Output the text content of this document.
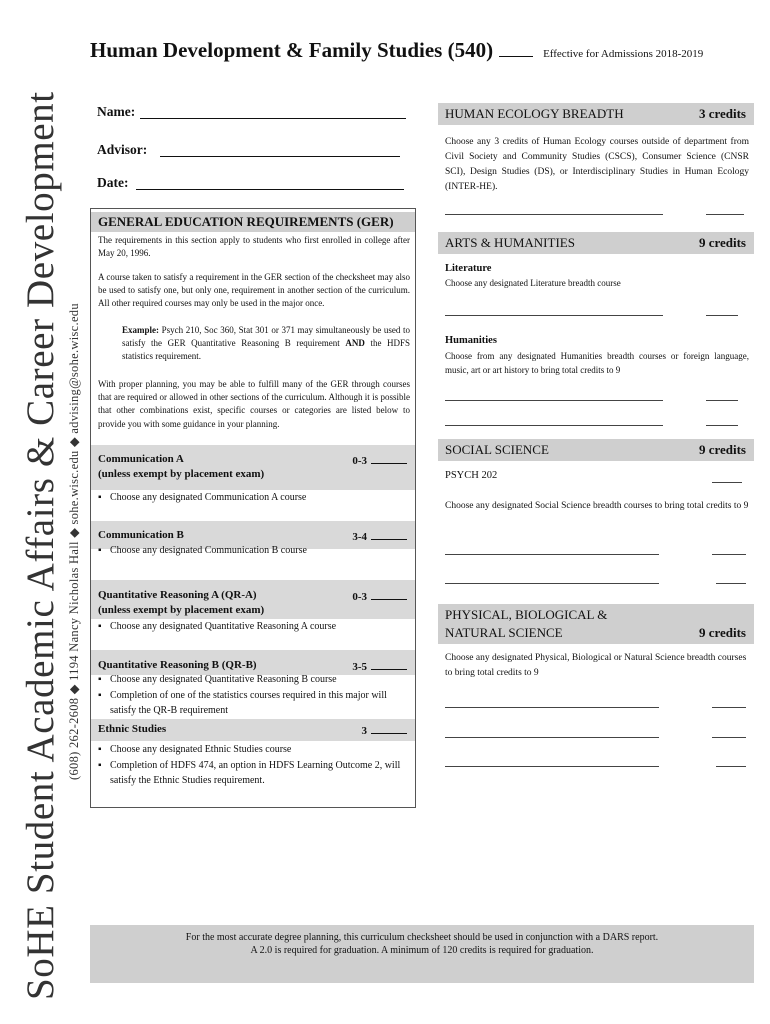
SoHE Student Academic Affairs & Career Development (608) 262-2608 ◆ 1194 Nancy Nicholas Hall ◆ sohe.wisc.edu ◆ advising@sohe.wisc.edu
Human Development & Family Studies (540)	Effective for Admissions 2018-2019
Name:
Advisor:
Date:
GENERAL EDUCATION REQUIREMENTS (GER)
The requirements in this section apply to students who first enrolled in college after May 20, 1996.
A course taken to satisfy a requirement in the GER section of the checksheet may also be used to satisfy one, but only one, requirement in another section of the curriculum. All other required courses may only be used in the major once.
Example: Psych 210, Soc 360, Stat 301 or 371 may simultaneously be used to satisfy the GER Quantitative Reasoning B requirement AND the HDFS statistics requirement.
With proper planning, you may be able to fulfill many of the GER through courses that are required or allowed in other sections of the curriculum. Although it is possible that other combinations exist, specific courses or categories are listed below to provide you with some guidance in your planning.
Communication A
(unless exempt by placement exam)
0-3
▪ Choose any designated Communication A course
Communication B	3-4
▪ Choose any designated Communication B course
Quantitative Reasoning A (QR-A)
(unless exempt by placement exam)
0-3
▪ Choose any designated Quantitative Reasoning A course
Quantitative Reasoning B (QR-B)	3-5
▪ Choose any designated Quantitative Reasoning B course
▪ Completion of one of the statistics courses required in this major will satisfy the QR-B requirement
Ethnic Studies	3
▪ Choose any designated Ethnic Studies course
▪ Completion of HDFS 474, an option in HDFS Learning Outcome 2, will satisfy the Ethnic Studies requirement.
HUMAN ECOLOGY BREADTH	3 credits
Choose any 3 credits of Human Ecology courses outside of department from Civil Society and Community Studies (CSCS), Consumer Science (CNSR SCI), Design Studies (DS), or Interdisciplinary Studies in Human Ecology (INTER-HE).
ARTS & HUMANITIES	9 credits
Literature
Choose any designated Literature breadth course
Humanities
Choose from any designated Humanities breadth courses or foreign language, music, art or art history to bring total credits to 9
SOCIAL SCIENCE	9 credits
PSYCH 202
Choose any designated Social Science breadth courses to bring total credits to 9
PHYSICAL, BIOLOGICAL &
NATURAL SCIENCE	9 credits
Choose any designated Physical, Biological or Natural Science breadth courses to bring total credits to 9
For the most accurate degree planning, this curriculum checksheet should be used in conjunction with a DARS report.
A 2.0 is required for graduation. A minimum of 120 credits is required for graduation.
